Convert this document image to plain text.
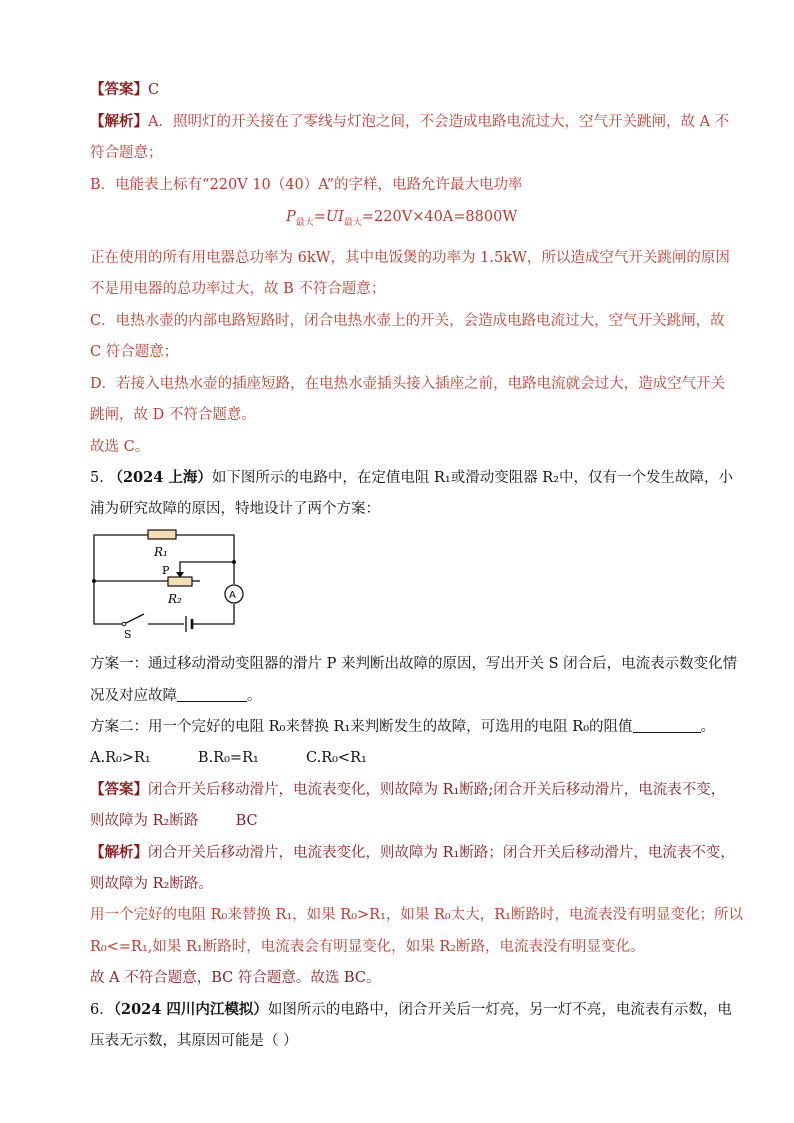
【答案】C
【解析】A．照明灯的开关接在了零线与灯泡之间，不会造成电路电流过大，空气开关跳闸，故 A 不
符合题意；
B．电能表上标有“220V 10（40）A”的字样，电路允许最大电功率
$P_{最大}=UI_{最大}=220V\times 40A=8800W$
正在使用的所有用电器总功率为 6kW，其中电饭煲的功率为 1.5kW，所以造成空气开关跳闸的原因
不是用电器的总功率过大，故 B 不符合题意；
C．电热水壶的内部电路短路时，闭合电热水壶上的开关，会造成电路电流过大，空气开关跳闸，故
C 符合题意；
D．若接入电热水壶的插座短路，在电热水壶插头接入插座之前，电路电流就会过大，造成空气开关
跳闸，故 D 不符合题意。
故选 C。
5. （2024 上海）如下图所示的电路中，在定值电阻 R₁或滑动变阻器 R₂中，仅有一个发生故障，小
浦为研究故障的原因，特地设计了两个方案：
R₁
P
R₂	A
S
方案一：通过移动滑动变阻器的滑片 P 来判断出故障的原因，写出开关 S 闭合后，电流表示数变化情
况及对应故障	。
方案二：用一个完好的电阻 R₀来替换 R₁来判断发生的故障，可选用的电阻 R₀的阻值	。
A.R₀>R₁	B.R₀=R₁	C.R₀<R₁
【答案】闭合开关后移动滑片，电流表变化，则故障为 R₁断路;闭合开关后移动滑片，电流表不变，
则故障为 R₂断路	BC
【解析】闭合开关后移动滑片，电流表变化，则故障为 R₁断路；闭合开关后移动滑片，电流表不变，
则故障为 R₂断路。
用一个完好的电阻 R₀来替换 R₁，如果 R₀>R₁，如果 R₀太大，R₁断路时，电流表没有明显变化；所以
R₀<=R₁,如果 R₁断路时，电流表会有明显变化，如果 R₂断路，电流表没有明显变化。
故 A 不符合题意，BC 符合题意。故选 BC。
6．（2024 四川内江模拟）如图所示的电路中，闭合开关后一灯亮，另一灯不亮，电流表有示数，电
压表无示数，其原因可能是（ ）
